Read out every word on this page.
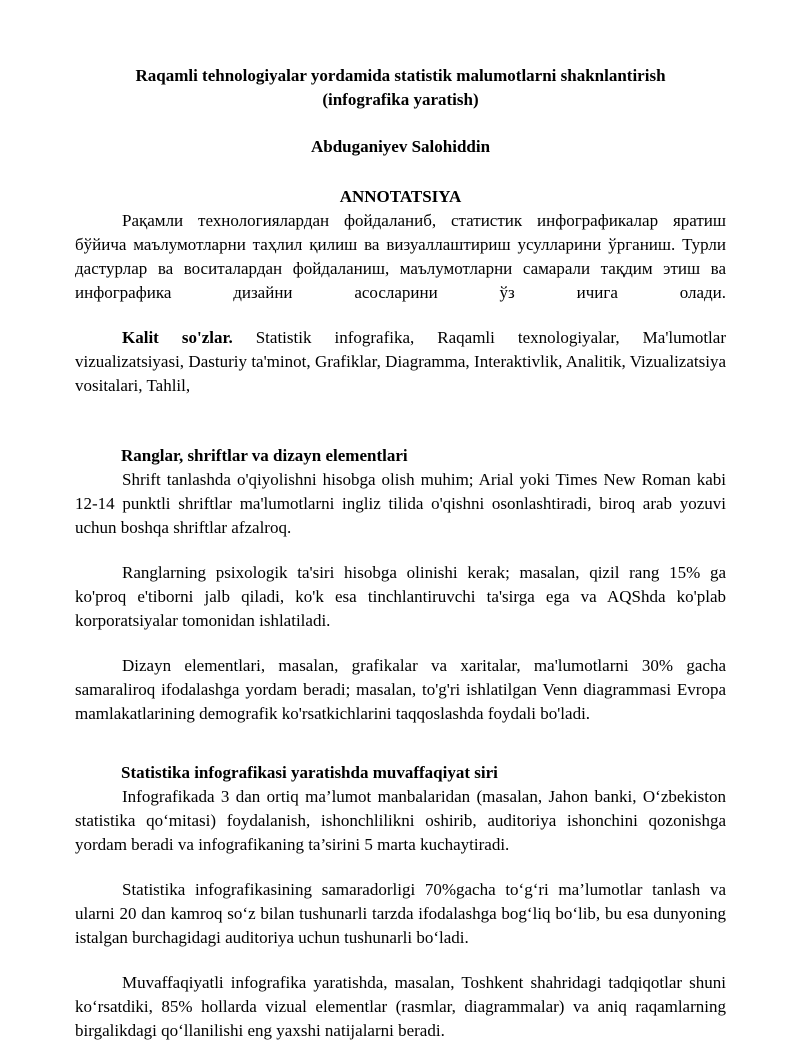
Raqamli tehnologiyalar yordamida statistik malumotlarni shaknlantirish
(infografika yaratish)
Abduganiyev Salohiddin
ANNOTATSIYA

Рақамли технологиялардан фойдаланиб, статистик инфографикалар яратиш бўйича маълумотларни таҳлил қилиш ва визуаллаштириш усулларини ўрганиш. Турли дастурлар ва воситалардан фойдаланиш, маълумотларни самарали тақдим этиш ва инфографика дизайни асосларини ўз ичига олади.

Kalit so'zlar. Statistik infografika, Raqamli texnologiyalar, Ma'lumotlar vizualizatsiyasi, Dasturiy ta'minot, Grafiklar, Diagramma, Interaktivlik, Analitik, Vizualizatsiya vositalari, Tahlil,

Ranglar, shriftlar va dizayn elementlari

Shrift tanlashda o'qiyolishni hisobga olish muhim; Arial yoki Times New Roman kabi 12-14 punktli shriftlar ma'lumotlarni ingliz tilida o'qishni osonlashtiradi, biroq arab yozuvi uchun boshqa shriftlar afzalroq.

Ranglarning psixologik ta'siri hisobga olinishi kerak; masalan, qizil rang 15% ga ko'proq e'tiborni jalb qiladi, ko'k esa tinchlantiruvchi ta'sirga ega va AQShda ko'plab korporatsiyalar tomonidan ishlatiladi.

Dizayn elementlari, masalan, grafikalar va xaritalar, ma'lumotlarni 30% gacha samaraliroq ifodalashga yordam beradi; masalan, to'g'ri ishlatilgan Venn diagrammasi Evropa mamlakatlarining demografik ko'rsatkichlarini taqqoslashda foydali bo'ladi.

Statistika infografikasi yaratishda muvaffaqiyat siri

Infografikada 3 dan ortiq ma’lumot manbalaridan (masalan, Jahon banki, O‘zbekiston statistika qo‘mitasi) foydalanish, ishonchlilikni oshirib, auditoriya ishonchini qozonishga yordam beradi va infografikaning ta’sirini 5 marta kuchaytiradi.

Statistika infografikasining samaradorligi 70%gacha to‘g‘ri ma’lumotlar tanlash va ularni 20 dan kamroq so‘z bilan tushunarli tarzda ifodalashga bog‘liq bo‘lib, bu esa dunyoning istalgan burchagidagi auditoriya uchun tushunarli bo‘ladi.

Muvaffaqiyatli infografika yaratishda, masalan, Toshkent shahridagi tadqiqotlar shuni ko‘rsatdiki, 85% hollarda vizual elementlar (rasmlar, diagrammalar) va aniq raqamlarning birgalikdagi qo‘llanilishi eng yaxshi natijalarni beradi.
